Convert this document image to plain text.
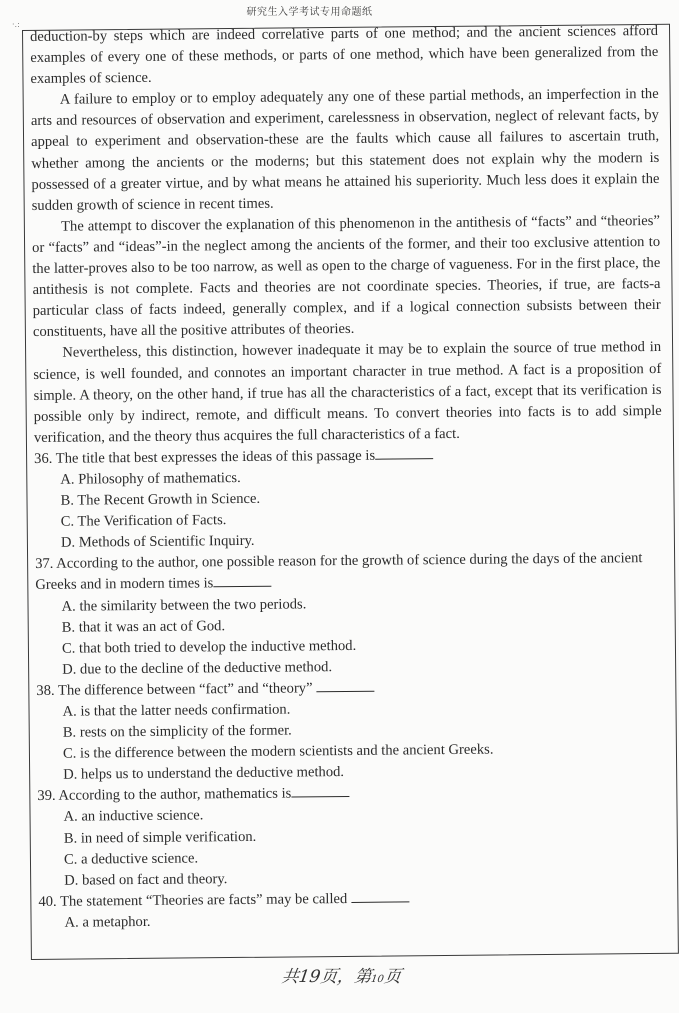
·.:
研究生入学考试专用命题纸

deduction-by steps which are indeed correlative parts of one method; and the ancient sciences afford examples of every one of these methods, or parts of one method, which have been generalized from the examples of science.

A failure to employ or to employ adequately any one of these partial methods, an imperfection in the arts and resources of observation and experiment, carelessness in observation, neglect of relevant facts, by appeal to experiment and observation-these are the faults which cause all failures to ascertain truth, whether among the ancients or the moderns; but this statement does not explain why the modern is possessed of a greater virtue, and by what means he attained his superiority. Much less does it explain the sudden growth of science in recent times.

The attempt to discover the explanation of this phenomenon in the antithesis of “facts” and “theories” or “facts” and “ideas”-in the neglect among the ancients of the former, and their too exclusive attention to the latter-proves also to be too narrow, as well as open to the charge of vagueness. For in the first place, the antithesis is not complete. Facts and theories are not coordinate species. Theories, if true, are facts-a particular class of facts indeed, generally complex, and if a logical connection subsists between their constituents, have all the positive attributes of theories.

Nevertheless, this distinction, however inadequate it may be to explain the source of true method in science, is well founded, and connotes an important character in true method. A fact is a proposition of simple. A theory, on the other hand, if true has all the characteristics of a fact, except that its verification is possible only by indirect, remote, and difficult means. To convert theories into facts is to add simple verification, and the theory thus acquires the full characteristics of a fact.

36. The title that best expresses the ideas of this passage is

A. Philosophy of mathematics.

B. The Recent Growth in Science.

C. The Verification of Facts.

D. Methods of Scientific Inquiry.

37. According to the author, one possible reason for the growth of science during the days of the ancient Greeks and in modern times is

A. the similarity between the two periods.

B. that it was an act of God.

C. that both tried to develop the inductive method.

D. due to the decline of the deductive method.

38. The difference between “fact” and “theory”

A. is that the latter needs confirmation.

B. rests on the simplicity of the former.

C. is the difference between the modern scientists and the ancient Greeks.

D. helps us to understand the deductive method.

39. According to the author, mathematics is

A. an inductive science.

B. in need of simple verification.

C. a deductive science.

D. based on fact and theory.

40. The statement “Theories are facts” may be called

A. a metaphor.

共19页，第10页
